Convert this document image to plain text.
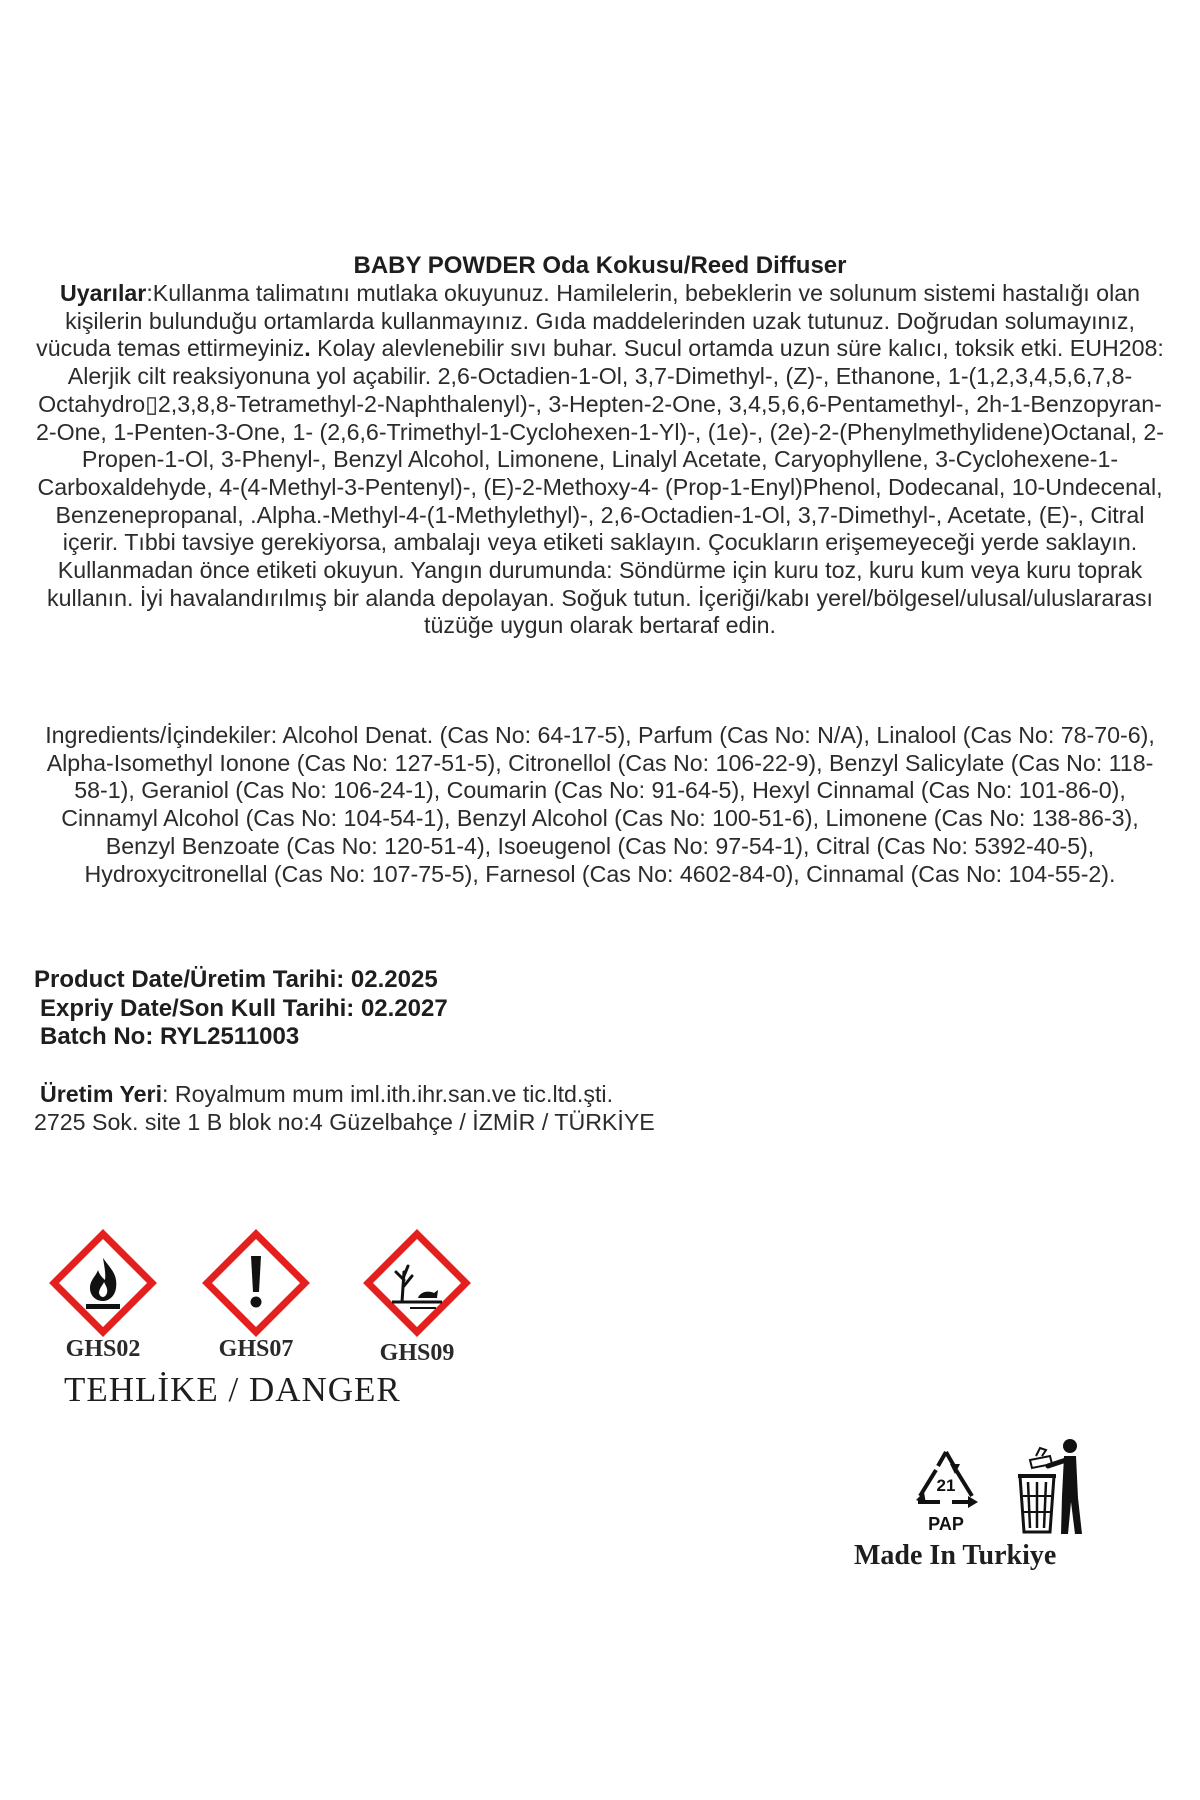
BABY POWDER Oda Kokusu/Reed Diffuser
Uyarılar:Kullanma talimatını mutlaka okuyunuz. Hamilelerin, bebeklerin ve solunum sistemi hastalığı olan kişilerin bulunduğu ortamlarda kullanmayınız. Gıda maddelerinden uzak tutunuz. Doğrudan solumayınız, vücuda temas ettirmeyiniz. Kolay alevlenebilir sıvı buhar. Sucul ortamda uzun süre kalıcı, toksik etki. EUH208: Alerjik cilt reaksiyonuna yol açabilir. 2,6-Octadien-1-Ol, 3,7-Dimethyl-, (Z)-, Ethanone, 1-(1,2,3,4,5,6,7,8-Octahydro▯2,3,8,8-Tetramethyl-2-Naphthalenyl)-, 3-Hepten-2-One, 3,4,5,6,6-Pentamethyl-, 2h-1-Benzopyran-2-One, 1-Penten-3-One, 1- (2,6,6-Trimethyl-1-Cyclohexen-1-Yl)-, (1e)-, (2e)-2-(Phenylmethylidene)Octanal, 2-Propen-1-Ol, 3-Phenyl-, Benzyl Alcohol, Limonene, Linalyl Acetate, Caryophyllene, 3-Cyclohexene-1-Carboxaldehyde, 4-(4-Methyl-3-Pentenyl)-, (E)-2-Methoxy-4- (Prop-1-Enyl)Phenol, Dodecanal, 10-Undecenal, Benzenepropanal, .Alpha.-Methyl-4-(1-Methylethyl)-, 2,6-Octadien-1-Ol, 3,7-Dimethyl-, Acetate, (E)-, Citral içerir. Tıbbi tavsiye gerekiyorsa, ambalajı veya etiketi saklayın. Çocukların erişemeyeceği yerde saklayın. Kullanmadan önce etiketi okuyun. Yangın durumunda: Söndürme için kuru toz, kuru kum veya kuru toprak kullanın. İyi havalandırılmış bir alanda depolayan. Soğuk tutun. İçeriği/kabı yerel/bölgesel/ulusal/uluslararası tüzüğe uygun olarak bertaraf edin.
Ingredients/İçindekiler: Alcohol Denat. (Cas No: 64-17-5), Parfum (Cas No: N/A), Linalool (Cas No: 78-70-6), Alpha-Isomethyl Ionone (Cas No: 127-51-5), Citronellol (Cas No: 106-22-9), Benzyl Salicylate (Cas No: 118-58-1), Geraniol (Cas No: 106-24-1), Coumarin (Cas No: 91-64-5), Hexyl Cinnamal (Cas No: 101-86-0), Cinnamyl Alcohol (Cas No: 104-54-1), Benzyl Alcohol (Cas No: 100-51-6), Limonene (Cas No: 138-86-3), Benzyl Benzoate (Cas No: 120-51-4), Isoeugenol (Cas No: 97-54-1), Citral (Cas No: 5392-40-5), Hydroxycitronellal (Cas No: 107-75-5), Farnesol (Cas No: 4602-84-0), Cinnamal (Cas No: 104-55-2).
Product Date/Üretim Tarihi: 02.2025
Expriy Date/Son Kull Tarihi: 02.2027
Batch No: RYL2511003
Üretim Yeri: Royalmum mum iml.ith.ihr.san.ve tic.ltd.şti.
2725 Sok. site 1 B blok no:4 Güzelbahçe / İZMİR / TÜRKİYE
GHS02	GHS07	GHS09
TEHLİKE / DANGER
21
PAP
Made In Turkiye
